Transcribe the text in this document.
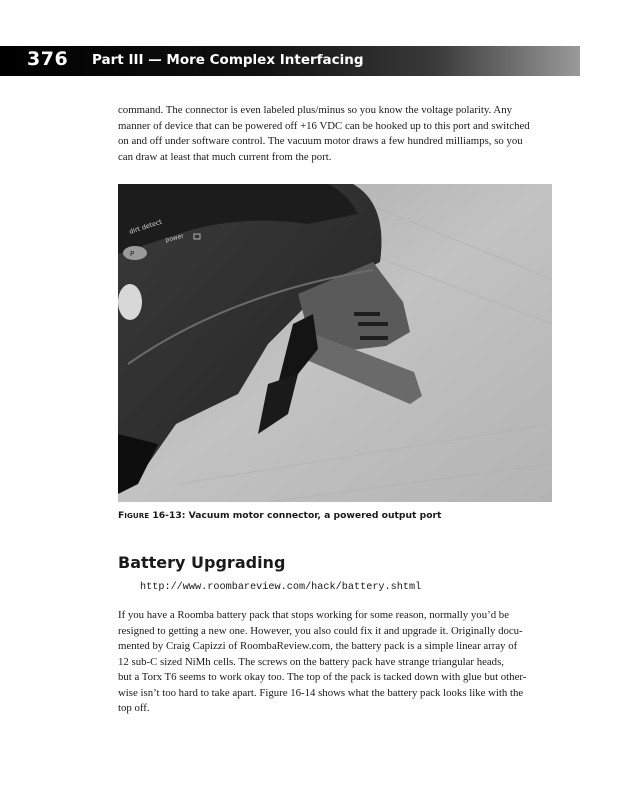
376 Part III — More Complex Interfacing

command. The connector is even labeled plus/minus so you know the voltage polarity. Any
manner of device that can be powered off +16 VDC can be hooked up to this port and switched
on and off under software control. The vacuum motor draws a few hundred milliamps, so you
can draw at least that much current from the port.

P
dirt detect
power
FIGURE 16-13: Vacuum motor connector, a powered output port
Battery Upgrading
http://www.roombareview.com/hack/battery.shtml

If you have a Roomba battery pack that stops working for some reason, normally you’d be
resigned to getting a new one. However, you also could fix it and upgrade it. Originally docu-
mented by Craig Capizzi of RoombaReview.com, the battery pack is a simple linear array of
12 sub-C sized NiMh cells. The screws on the battery pack have strange triangular heads,
but a Torx T6 seems to work okay too. The top of the pack is tacked down with glue but other-
wise isn’t too hard to take apart. Figure 16-14 shows what the battery pack looks like with the
top off.
